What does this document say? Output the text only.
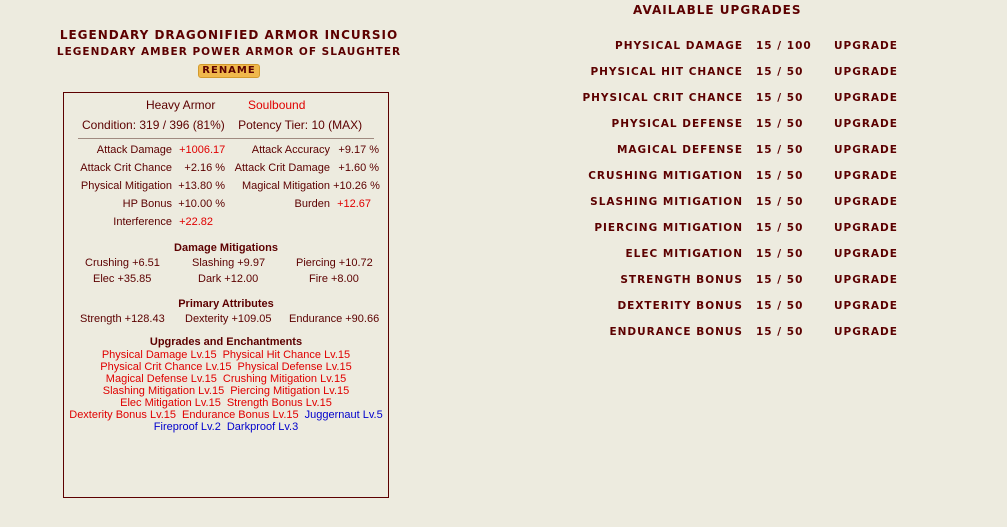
LEGENDARY DRAGONIFIED ARMOR INCURSIO
LEGENDARY AMBER POWER ARMOR OF SLAUGHTER
RENAME
Heavy Armor	Soulbound
Condition: 319 / 396 (81%) Potency Tier: 10 (MAX)
Attack Damage +1006.17	Attack Accuracy +9.17 %
Attack Crit Chance +2.16 % Attack Crit Damage +1.60 %
Physical Mitigation +13.80 %	Magical Mitigation +10.26 %
HP Bonus +10.00 %	Burden +12.67
Interference +22.82
Damage Mitigations
Crushing +6.51	Slashing +9.97	Piercing +10.72
Elec +35.85	Dark +12.00	Fire +8.00
Primary Attributes
Strength +128.43 Dexterity +109.05 Endurance +90.66
Upgrades and Enchantments
Physical Damage Lv.15 Physical Hit Chance Lv.15
Physical Crit Chance Lv.15 Physical Defense Lv.15
Magical Defense Lv.15 Crushing Mitigation Lv.15
Slashing Mitigation Lv.15 Piercing Mitigation Lv.15
Elec Mitigation Lv.15 Strength Bonus Lv.15
Dexterity Bonus Lv.15 Endurance Bonus Lv.15 Juggernaut Lv.5
Fireproof Lv.2 Darkproof Lv.3
AVAILABLE UPGRADES
PHYSICAL DAMAGE 15 / 100 UPGRADE
PHYSICAL HIT CHANCE 15 / 50	UPGRADE
PHYSICAL CRIT CHANCE 15 / 50	UPGRADE
PHYSICAL DEFENSE 15 / 50	UPGRADE
MAGICAL DEFENSE 15 / 50	UPGRADE
CRUSHING MITIGATION 15 / 50	UPGRADE
SLASHING MITIGATION 15 / 50	UPGRADE
PIERCING MITIGATION 15 / 50	UPGRADE
ELEC MITIGATION 15 / 50	UPGRADE
STRENGTH BONUS 15 / 50	UPGRADE
DEXTERITY BONUS 15 / 50	UPGRADE
ENDURANCE BONUS 15 / 50	UPGRADE
